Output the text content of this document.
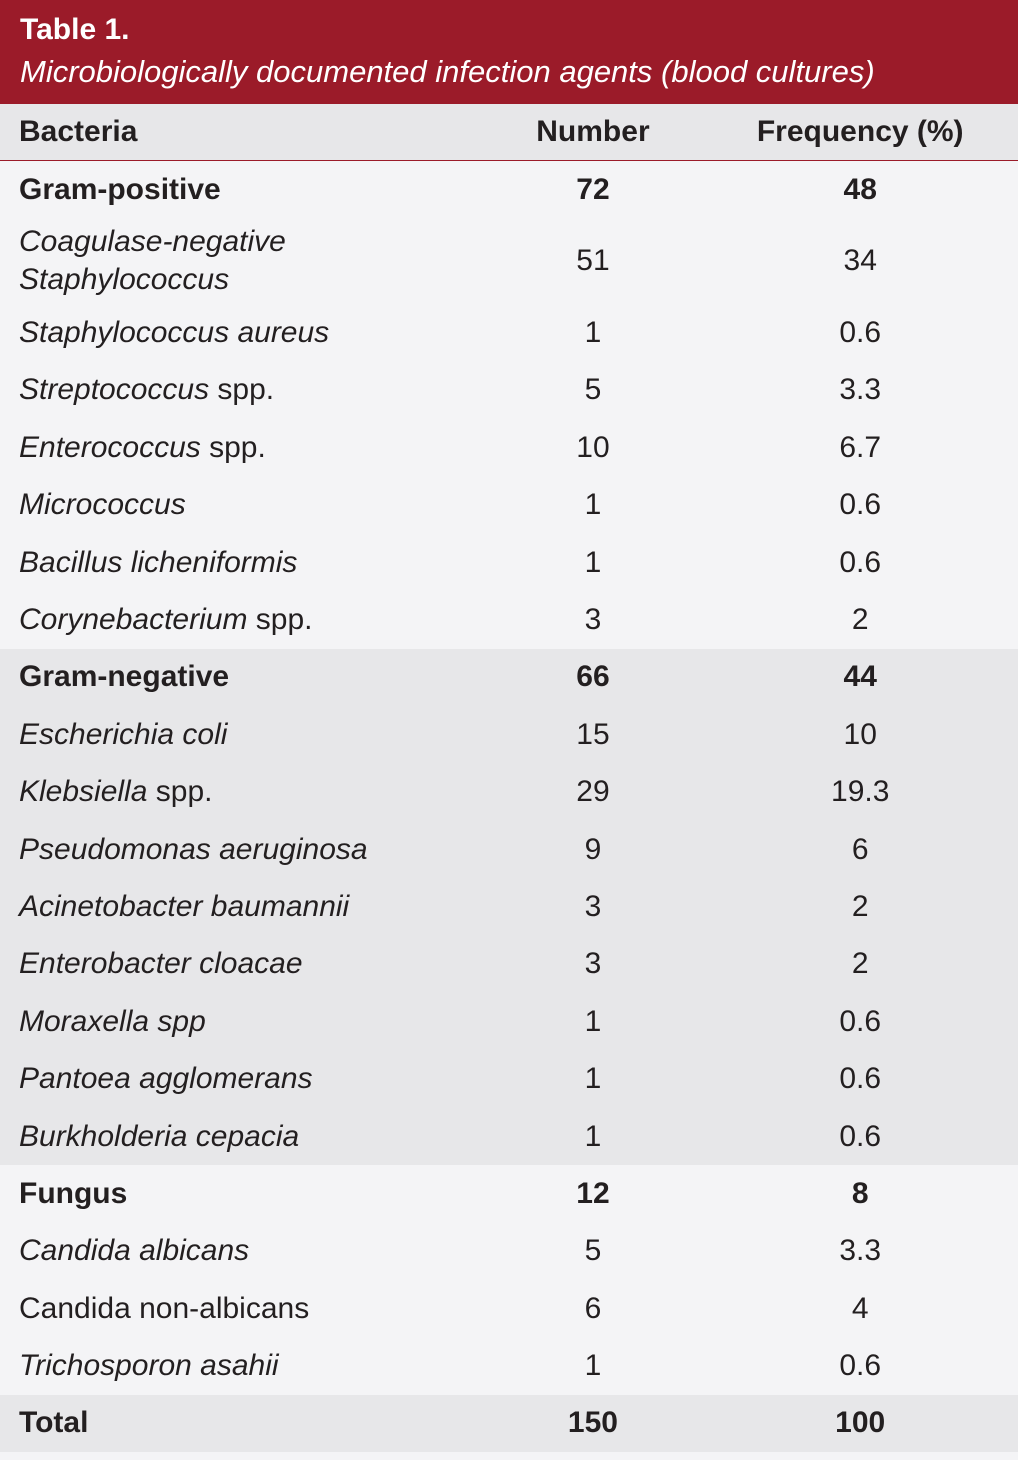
Table 1.
Microbiologically documented infection agents (blood cultures)
Bacteria	Number	Frequency (%)
Gram-positive	72	48
Coagulase-negative
Staphylococcus
51	34
Staphylococcus aureus	1	0.6
Streptococcus spp.	5	3.3
Enterococcus spp.	10	6.7
Micrococcus	1	0.6
Bacillus licheniformis	1	0.6
Corynebacterium spp.	3	2
Gram-negative	66	44
Escherichia coli	15	10
Klebsiella spp.	29	19.3
Pseudomonas aeruginosa	9	6
Acinetobacter baumannii	3	2
Enterobacter cloacae	3	2
Moraxella spp	1	0.6
Pantoea agglomerans	1	0.6
Burkholderia cepacia	1	0.6
Fungus	12	8
Candida albicans	5	3.3
Candida non-albicans	6	4
Trichosporon asahii	1	0.6
Total	150	100
